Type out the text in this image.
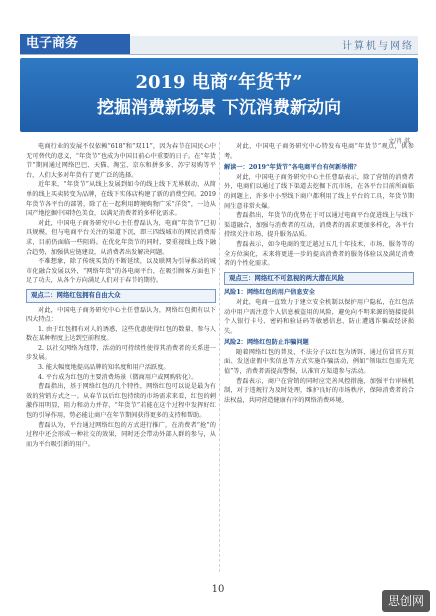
电子商务	计算机与网络
2019 电商“年货节”
挖掘消费新场景 下沉消费新动向
文/肖 淇

电商行业的发展不仅依赖“618”和“双11”，因为春节在国民心中无可替代的意义，“年货节”也成为中国目前心中重要的日子。在“年货节”期间通过网络巴巴、天猫、淘宝、京东和拼多多、苏宁易购等平台，人们大多对年货有了更广泛的选择。

近年来，“年货节”从线上发展到如今的线上线下无界联动，从简单的线上买卖转变为品牌，在线下实体店构建了新的消费空间。2019年货节各平台的部署，除了在一起利用跨境购物广采“洋货”，一边从国产地挖掘中国特色美食，以满足消费者的多样化需求。

对此，中国电子商务研究中心主任曹磊认为，电商“年货节”已初具规模，但与电商平台关注的渠道下沉，即三四线城市的网民消费需求，目前仍面临一些阻碍。在优化年货节的同时，要重视线上线下融合趋势，加强供应链建设，从消费者出发解决问题。

不难想象，除了传统买货的不断延续，以及联网为引导推动的城市化融合发展以外，“网络年货”的各电商平台，在吸引顾客方面也下足了功夫，从各个方向满足人们对于春节的期待。

观点二：网络红包拥有自由大众

对此，中国电子商务研究中心主任曹磊认为，网络红包拥有以下四大特点：

1. 由于红包拥有对人的诱惑，这些优惠使得红包的数量、参与人数在某种程度上达到空前程度。

2. 以社交网络为纽带，活动的可持续性使得其消费者的关系进一步发展。

3. 能大幅度地提高品牌的知名度和用户活跃度。

4. 平台成为红包的主要消费场景（微商用户或网购转化）。

曹磊指出，基于网络红包的几个特性，网络红包可以说是最为有效的营销方式之一。从春节以后红包持续的市场需求来看，红包的刺激作用明显，阻力和动力并存，“年货节”若能在这个过程中发挥好红包的引导作用，势必能让商户在年节期间获得更多的支持和帮助。

曹磊认为，平台通过网络红包的方式进行推广，在消费者“抢”的过程中还会形成一种社交的效果，同时还会带动外部人群的参与，从而为平台吸引新的用户。

对此，中国电子商务研究中心特发布电商“年货节”观点，供参考。

解读一：2019“年货节”各电商平台有何新举措？

对此，中国电子商务研究中心主任曹磊表示，除了营销的消费者外，电商们以通过了线下渠道去挖掘下沉市场，在各平台目前所面临的问题上，许多中小型线下商户都利用了线上平台的工具，年货节期间生意非常火爆。

曹磊指出，年货节的优势在于可以通过电商平台促进线上与线下渠道融合，加强与消费者的互动，消费者的需求更加多样化，各平台持续关注市场，提升服务品质。

曹磊表示，如今电商的变迁越过五几十年技术，市场、服务等的全方位演化，未来将更进一步的提高消费者的服务体验以及满足消费者的个性化需求。

观点三：网络红不可忽视的两大潜在风险

风险1：网络红包的用户信息安全

对此，电商一直致力于建立安全机制以保护用户隐私，在红包活动中用户需注意个人信息被盗用的风险，避免向不明来源的链接提供个人银行卡号、密码和验证码等敏感信息，防止遭遇诈骗或经济损失。

风险2：网络红包防止诈骗问题

随着网络红包的普及，不法分子以红包为诱饵，通过仿冒官方页面、发送虚假中奖信息等方式实施诈骗活动，例如“领取红包需先充值”等，消费者需提高警惕，认准官方渠道参与活动。

曹磊表示，商户在营销的同时应完善风控措施，加强平台审核机制，对于违规行为及时处理，维护良好的市场秩序，保障消费者的合法权益，共同营造健康有序的网络消费环境。

10
思创网
